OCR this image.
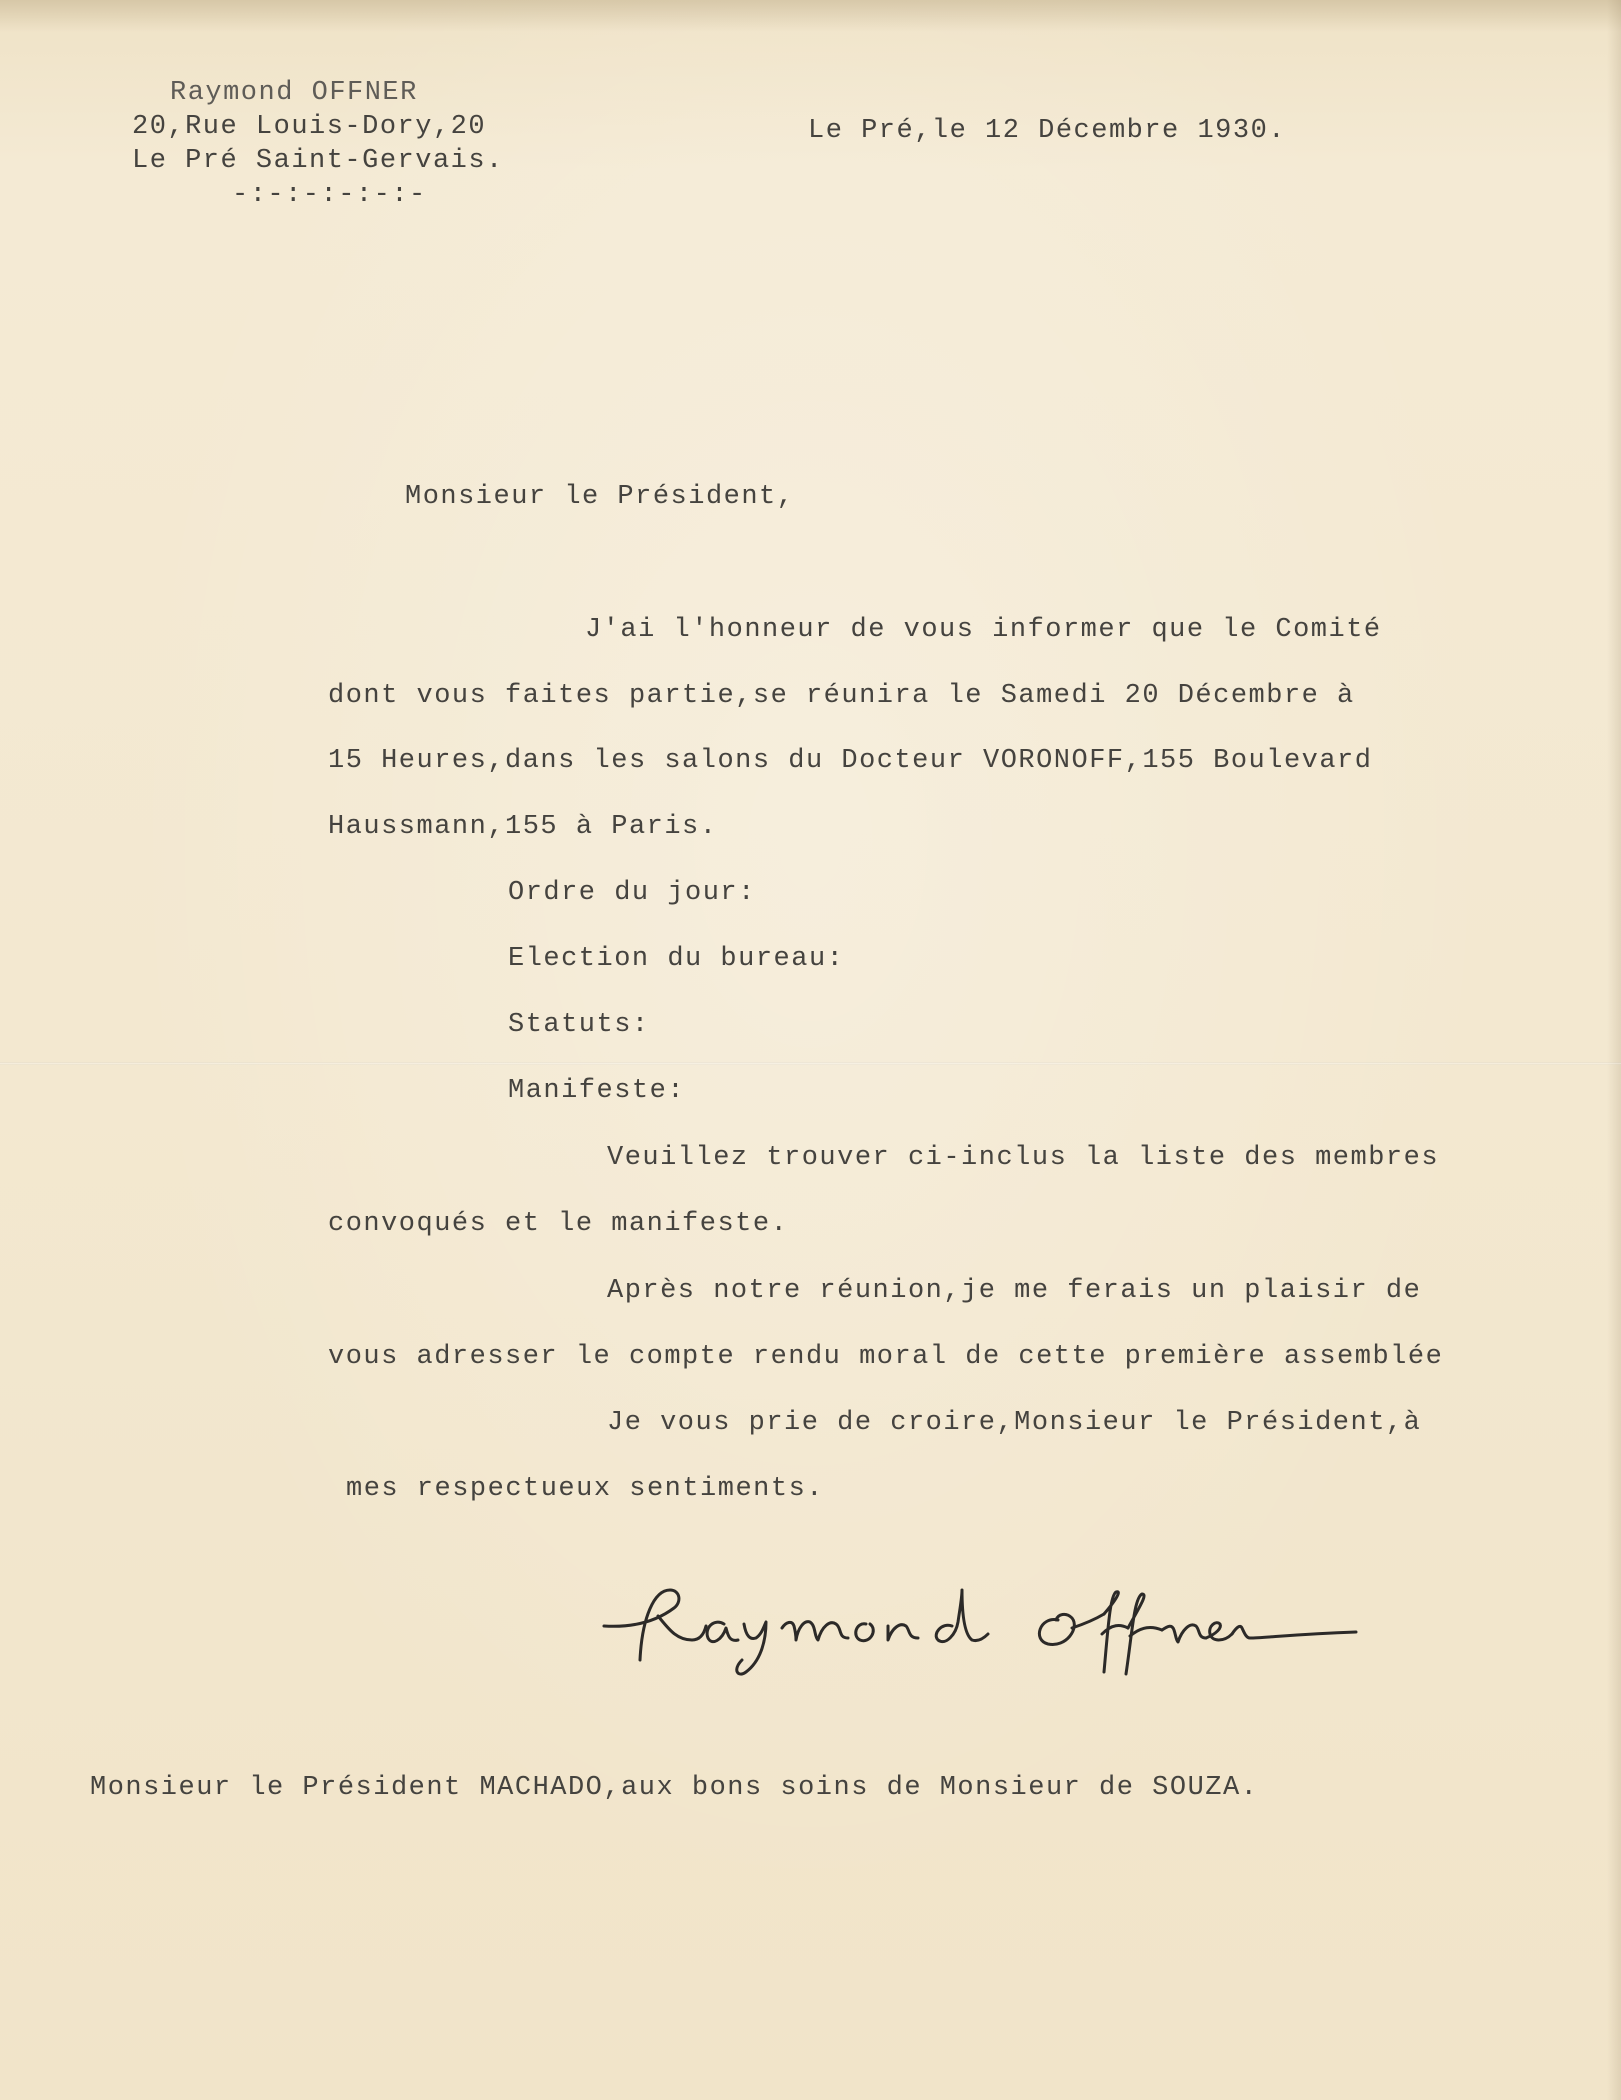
Raymond OFFNER
20,Rue Louis-Dory,20
Le Pré Saint-Gervais.
-:-:-:-:-:-
Le Pré,le 12 Décembre 1930.
Monsieur le Président,
J'ai l'honneur de vous informer que le Comité
dont vous faites partie,se réunira le Samedi 20 Décembre à
15 Heures,dans les salons du Docteur VORONOFF,155 Boulevard
Haussmann,155 à Paris.
Ordre du jour:
Election du bureau:
Statuts:
Manifeste:
Veuillez trouver ci-inclus la liste des membres
convoqués et le manifeste.
Après notre réunion,je me ferais un plaisir de
vous adresser le compte rendu moral de cette première assemblée
Je vous prie de croire,Monsieur le Président,à
mes respectueux sentiments.
Monsieur le Président MACHADO,aux bons soins de Monsieur de SOUZA.
